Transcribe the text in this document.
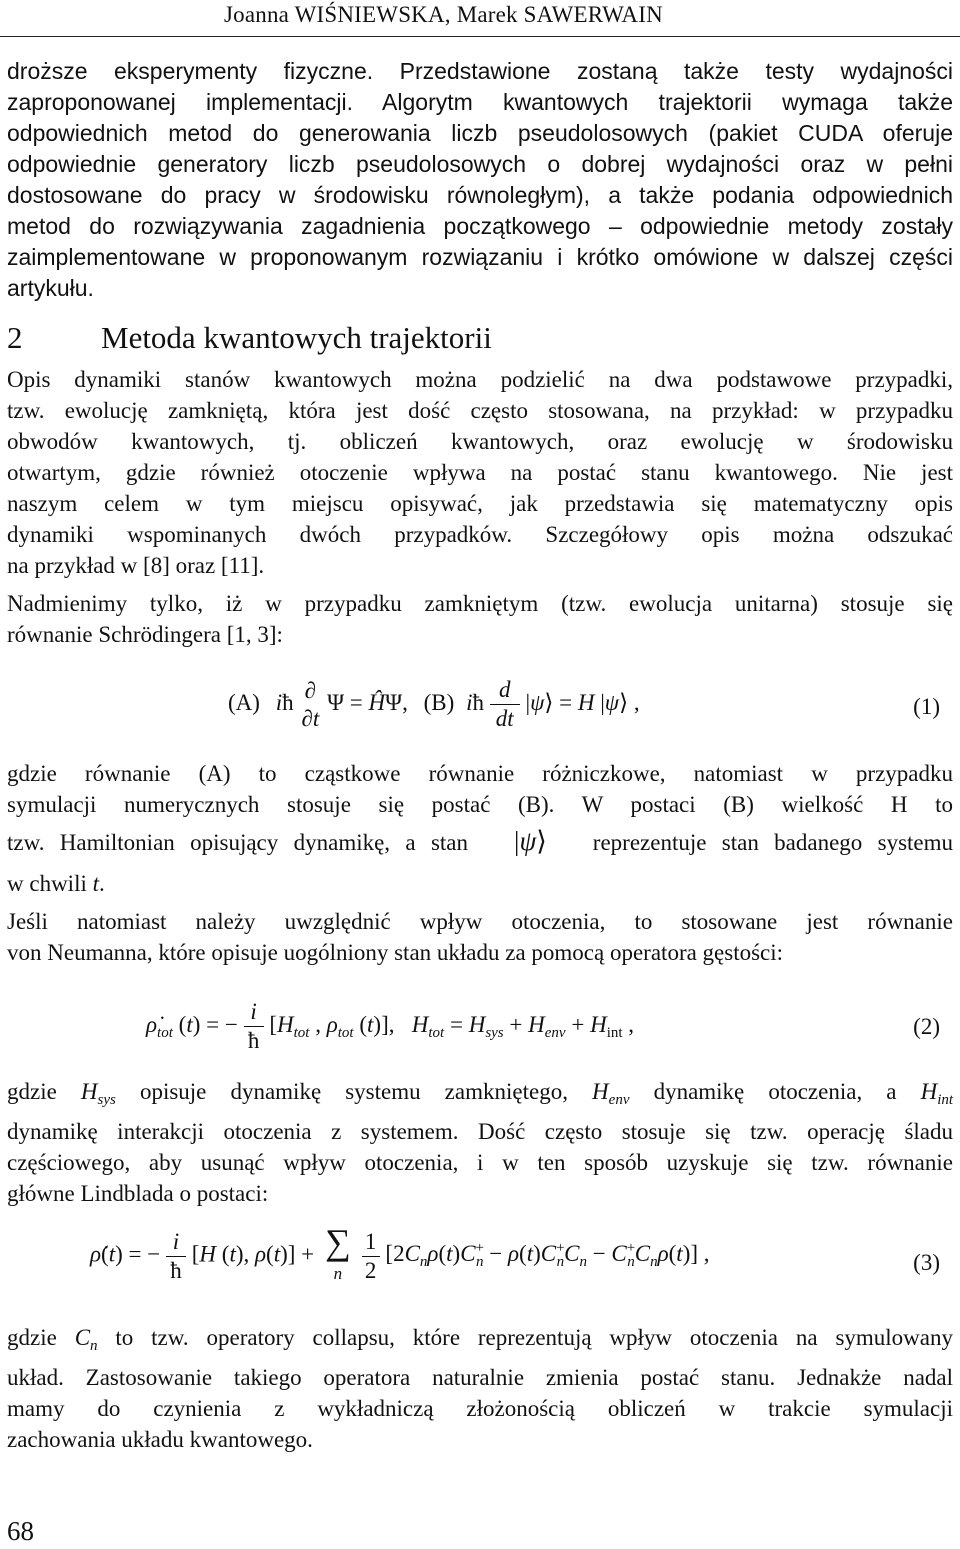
Joanna WIŚNIEWSKA, Marek SAWERWAIN
droższe eksperymenty fizyczne. Przedstawione zostaną także testy wydajności
zaproponowanej implementacji. Algorytm kwantowych trajektorii wymaga także
odpowiednich metod do generowania liczb pseudolosowych (pakiet CUDA oferuje
odpowiednie generatory liczb pseudolosowych o dobrej wydajności oraz w pełni
dostosowane do pracy w środowisku równoległym), a także podania odpowiednich
metod do rozwiązywania zagadnienia początkowego – odpowiednie metody zostały
zaimplementowane w proponowanym rozwiązaniu i krótko omówione w dalszej części
artykułu.
2	Metoda kwantowych trajektorii
Opis dynamiki stanów kwantowych można podzielić na dwa podstawowe przypadki,
tzw. ewolucję zamkniętą, która jest dość często stosowana, na przykład: w przypadku
obwodów kwantowych, tj. obliczeń kwantowych, oraz ewolucję w środowisku
otwartym, gdzie również otoczenie wpływa na postać stanu kwantowego. Nie jest
naszym celem w tym miejscu opisywać, jak przedstawia się matematyczny opis
dynamiki wspominanych dwóch przypadków. Szczegółowy opis można odszukać
na przykład w [8] oraz [11].
Nadmienimy tylko, iż w przypadku zamkniętym (tzw. ewolucja unitarna) stosuje się
równanie Schrödingera [1, 3]:
(A) iħ ∂
∂t
Ψ = ĤΨ, (B) iħ $\frac{d}{dt}$ |ψ⟩ = H |ψ⟩ ,	(1)
gdzie równanie (A) to cząstkowe równanie różniczkowe, natomiast w przypadku
symulacji numerycznych stosuje się postać (B). W postaci (B) wielkość H to
tzw. Hamiltonian opisujący dynamikę, a stan |ψ⟩ reprezentuje stan badanego systemu
w chwili t.
Jeśli natomiast należy uwzględnić wpływ otoczenia, to stosowane jest równanie
von Neumanna, które opisuje uogólniony stan układu za pomocą operatora gęstości:
$\rhȯ_{tot}$ (t) = − $\frac{i}{ħ} [H_{tot}$ , $\rho_{tot}$ (t)],   $H_{tot} = H_{sys} + H_{env} + H_{int}$ ,	(2)
gdzie $H_{sys}$ opisuje dynamikę systemu zamkniętego, $H_{env}$ dynamikę otoczenia, a $H_{int}$
dynamikę interakcji otoczenia z systemem. Dość często stosuje się tzw. operację śladu
częściowego, aby usunąć wpływ otoczenia, i w ten sposób uzyskuje się tzw. równanie
główne Lindblada o postaci:
ρ̇(t) = − $\frac{i}{ħ} [H$ (t), ρ(t)] + ∑
n
$\frac{1}{2} [2C_n\rho(t)C^+_n - \rho(t)C^+_nC_n - C^+_nC_n\rho(t)]$ ,	(3)
gdzie $C_n$ to tzw. operatory collapsu, które reprezentują wpływ otoczenia na symulowany
układ. Zastosowanie takiego operatora naturalnie zmienia postać stanu. Jednakże nadal
mamy do czynienia z wykładniczą złożonością obliczeń w trakcie symulacji
zachowania układu kwantowego.
68
